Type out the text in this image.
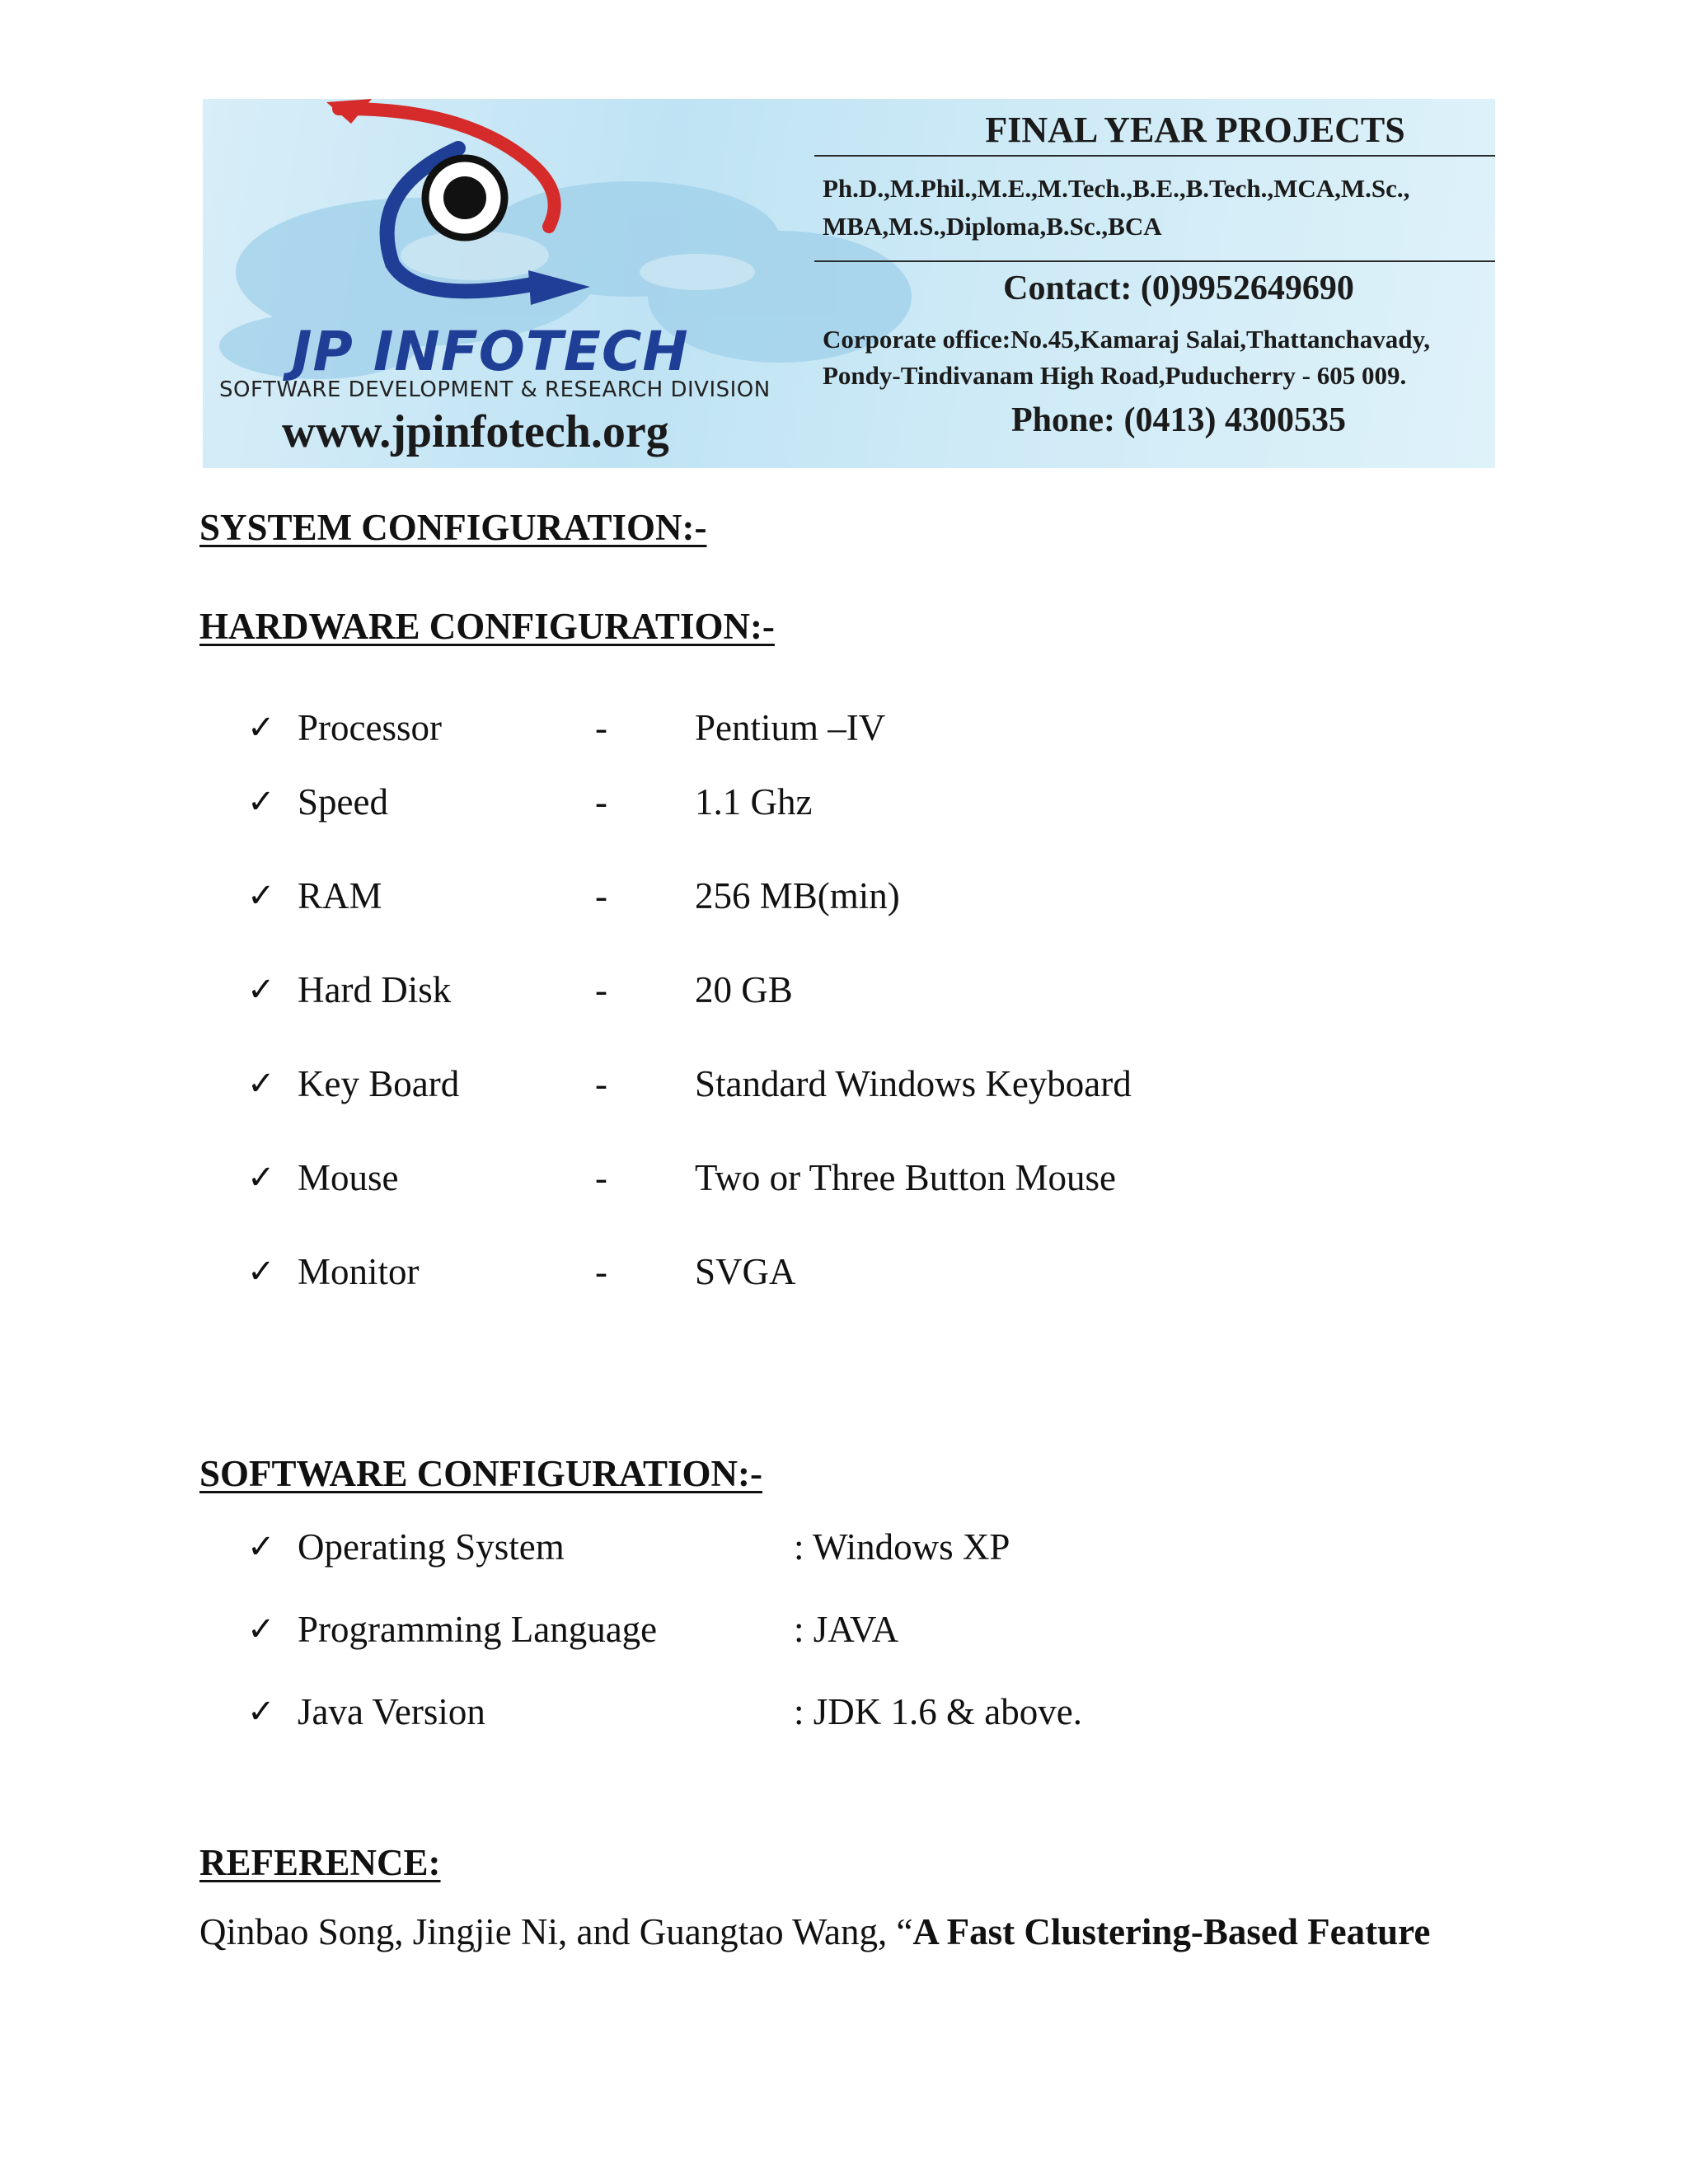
JP INFOTECH
SOFTWARE DEVELOPMENT & RESEARCH DIVISION
www.jpinfotech.org
FINAL YEAR PROJECTS
Ph.D.,M.Phil.,M.E.,M.Tech.,B.E.,B.Tech.,MCA,M.Sc.,
MBA,M.S.,Diploma,B.Sc.,BCA
Contact: (0)9952649690
Corporate office:No.45,Kamaraj Salai,Thattanchavady,
Pondy-Tindivanam High Road,Puducherry - 605 009.
Phone: (0413) 4300535
SYSTEM CONFIGURATION:-
HARDWARE CONFIGURATION:-
✓ Processor	- Pentium –IV
✓ Speed	- 1.1 Ghz
✓ RAM	- 256 MB(min)
✓ Hard Disk	- 20 GB
✓ Key Board	- Standard Windows Keyboard
✓ Mouse	- Two or Three Button Mouse
✓ Monitor	- SVGA
SOFTWARE CONFIGURATION:-
✓ Operating System	: Windows XP
✓ Programming Language	: JAVA
✓ Java Version	: JDK 1.6 & above.
REFERENCE:
Qinbao Song, Jingjie Ni, and Guangtao Wang, “A Fast Clustering-Based Feature
